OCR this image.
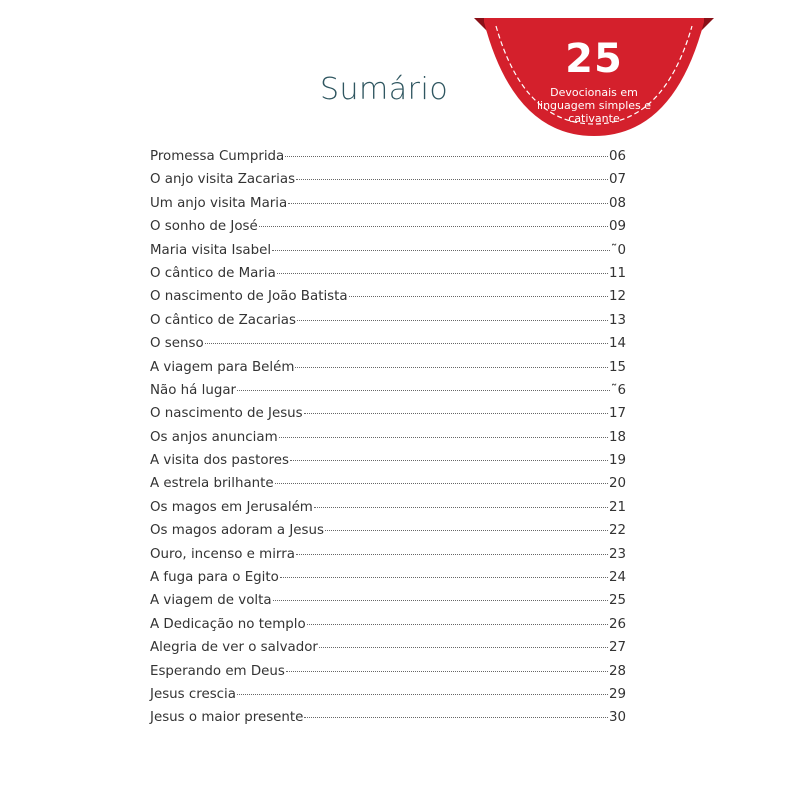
25
Devocionais em linguagem simples e cativante
Sumário
Promessa Cumprida	06
O anjo visita Zacarias	07
Um anjo visita Maria	08
O sonho de José	09
Maria visita Isabel	˜0
O cântico de Maria	11
O nascimento de João Batista	12
O cântico de Zacarias	13
O senso	14
A viagem para Belém	15
Não há lugar	˜6
O nascimento de Jesus	17
Os anjos anunciam	18
A visita dos pastores	19
A estrela brilhante	20
Os magos em Jerusalém	21
Os magos adoram a Jesus	22
Ouro, incenso e mirra	23
A fuga para o Egito	24
A viagem de volta	25
A Dedicação no templo	26
Alegria de ver o salvador	27
Esperando em Deus	28
Jesus crescia	29
Jesus o maior presente	30
